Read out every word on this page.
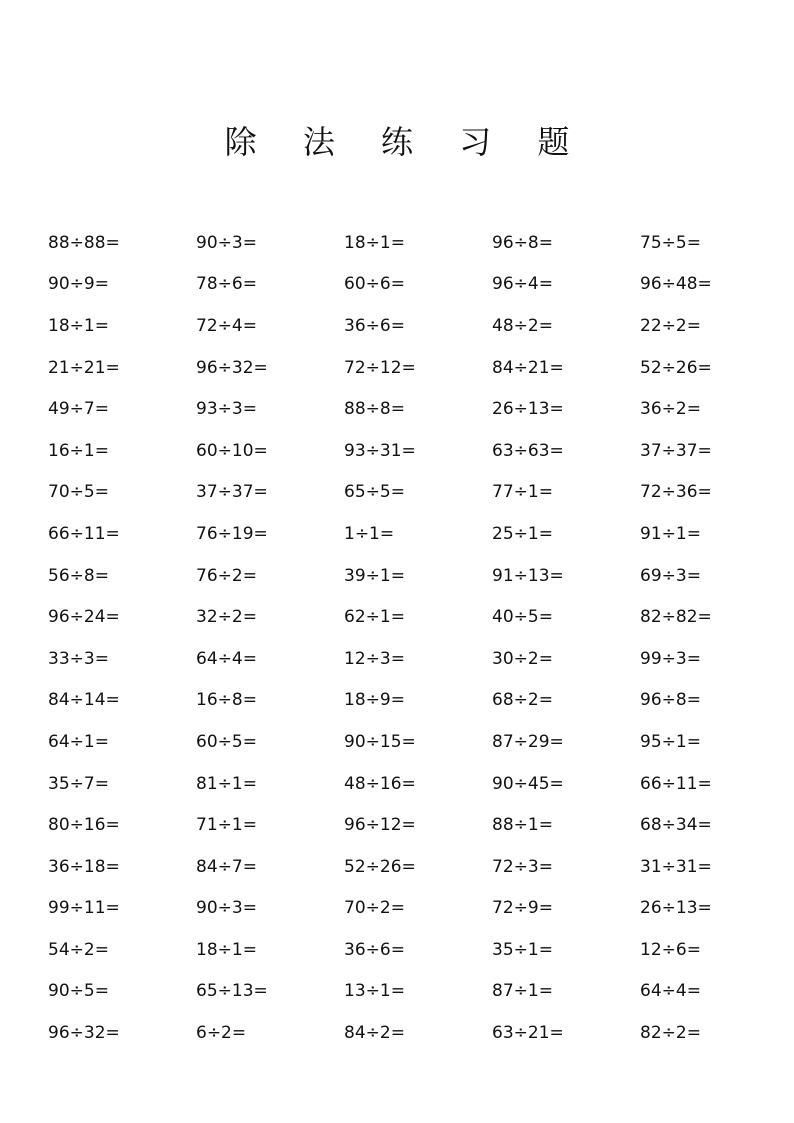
除 法 练 习 题
88÷88=	90÷3=	18÷1=	96÷8=	75÷5=
90÷9=	78÷6=	60÷6=	96÷4=	96÷48=
18÷1=	72÷4=	36÷6=	48÷2=	22÷2=
21÷21=	96÷32=	72÷12=	84÷21=	52÷26=
49÷7=	93÷3=	88÷8=	26÷13=	36÷2=
16÷1=	60÷10=	93÷31=	63÷63=	37÷37=
70÷5=	37÷37=	65÷5=	77÷1=	72÷36=
66÷11=	76÷19=	1÷1=	25÷1=	91÷1=
56÷8=	76÷2=	39÷1=	91÷13=	69÷3=
96÷24=	32÷2=	62÷1=	40÷5=	82÷82=
33÷3=	64÷4=	12÷3=	30÷2=	99÷3=
84÷14=	16÷8=	18÷9=	68÷2=	96÷8=
64÷1=	60÷5=	90÷15=	87÷29=	95÷1=
35÷7=	81÷1=	48÷16=	90÷45=	66÷11=
80÷16=	71÷1=	96÷12=	88÷1=	68÷34=
36÷18=	84÷7=	52÷26=	72÷3=	31÷31=
99÷11=	90÷3=	70÷2=	72÷9=	26÷13=
54÷2=	18÷1=	36÷6=	35÷1=	12÷6=
90÷5=	65÷13=	13÷1=	87÷1=	64÷4=
96÷32=	6÷2=	84÷2=	63÷21=	82÷2=
